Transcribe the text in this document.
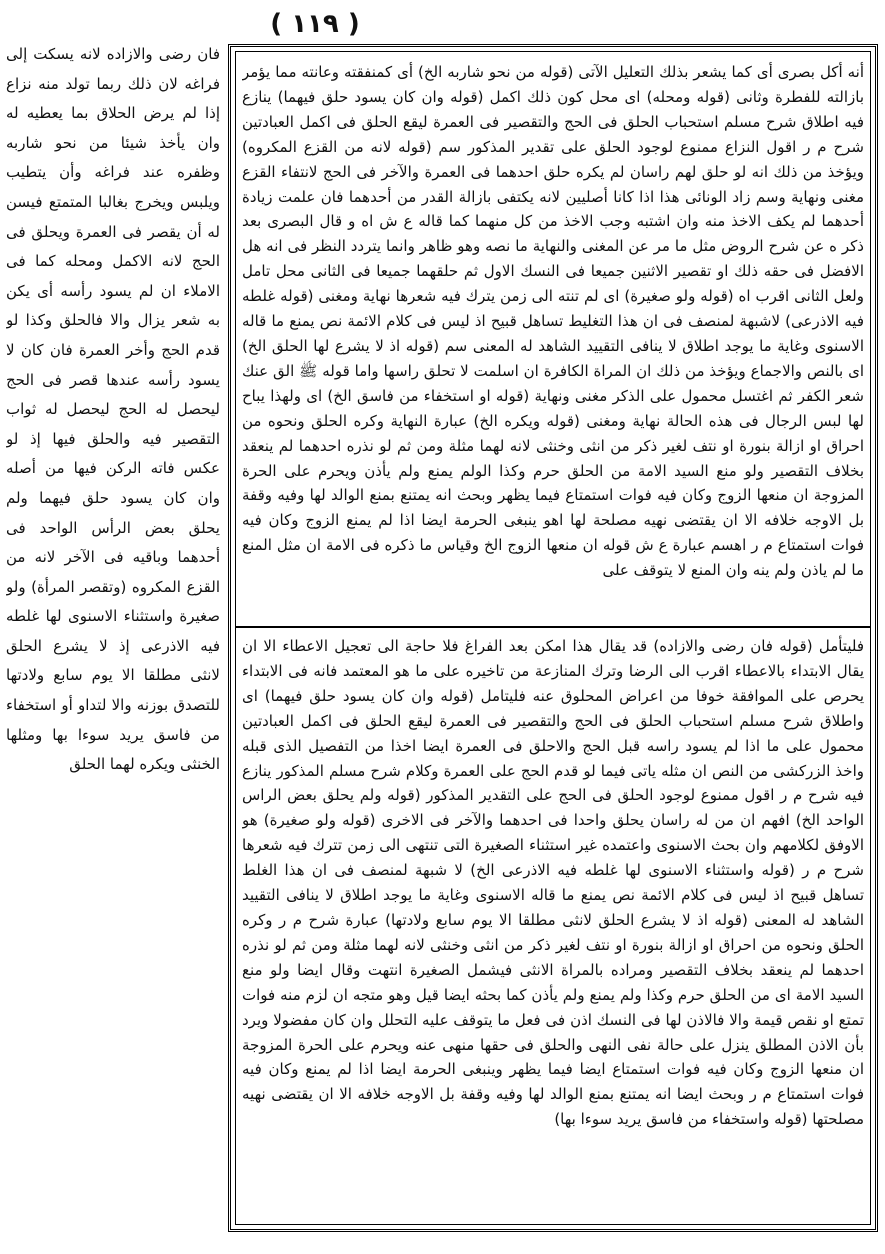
( ١١٩ )
أنه أكل بصرى أى كما يشعر بذلك التعليل الآتى (قوله من نحو شاربه الخ) أى كمنفقته وعانته مما يؤمر بازالته للفطرة وثانى (قوله ومحله) اى محل كون ذلك اكمل (قوله وان كان يسود حلق فيهما) ينازع فيه اطلاق شرح مسلم استحباب الحلق فى الحج والتقصير فى العمرة ليقع الحلق فى اكمل العبادتين شرح م ر اقول النزاع ممنوع لوجود الحلق على تقدير المذكور سم (قوله لانه من القزع المكروه) ويؤخذ من ذلك انه لو حلق لهم راسان لم يكره حلق احدهما فى العمرة والآخر فى الحج لانتفاء القزع مغنى ونهاية وسم زاد الونائى هذا اذا كانا أصليين لانه يكتفى بازالة القدر من أحدهما فان علمت زيادة أحدهما لم يكف الاخذ منه وان اشتبه وجب الاخذ من كل منهما كما قاله ع ش اه و قال البصرى بعد ذكر ه عن شرح الروض مثل ما مر عن المغنى والنهاية ما نصه وهو ظاهر وانما يتردد النظر فى انه هل الافضل فى حقه ذلك او تقصير الاثنين جميعا فى النسك الاول ثم حلقهما جميعا فى الثانى محل تامل ولعل الثانى اقرب اه (قوله ولو صغيرة) اى لم تنته الى زمن يترك فيه شعرها نهاية ومغنى (قوله غلطه فيه الاذرعى) لاشبهة لمنصف فى ان هذا التغليط تساهل قبيح اذ ليس فى كلام الائمة نص يمنع ما قاله الاسنوى وغاية ما يوجد اطلاق لا ينافى التقييد الشاهد له المعنى سم (قوله اذ لا يشرع لها الحلق الخ) اى بالنص والاجماع ويؤخذ من ذلك ان المراة الكافرة ان اسلمت لا تحلق راسها واما قوله ﷺ الق عنك شعر الكفر ثم اغتسل محمول على الذكر مغنى ونهاية (قوله او استخفاء من فاسق الخ) اى ولهذا يباح لها لبس الرجال فى هذه الحالة نهاية ومغنى (قوله ويكره الخ) عبارة النهاية وكره الحلق ونحوه من احراق او ازالة بنورة او نتف لغير ذكر من انثى وخنثى لانه لهما مثلة ومن ثم لو نذره احدهما لم ينعقد بخلاف التقصير ولو منع السيد الامة من الحلق حرم وكذا الولم يمنع ولم يأذن ويحرم على الحرة المزوجة ان منعها الزوج وكان فيه فوات استمتاع فيما يظهر وبحث انه يمتنع بمنع الوالد لها وفيه وقفة بل الاوجه خلافه الا ان يقتضى نهيه مصلحة لها اهو ينبغى الحرمة ايضا اذا لم يمنع الزوج وكان فيه فوات استمتاع م ر اهسم عبارة ع ش قوله ان منعها الزوج الخ وقياس ما ذكره فى الامة ان مثل المنع ما لم ياذن ولم ينه وان المنع لا يتوقف على
فليتأمل (قوله فان رضى والازاده) قد يقال هذا امكن بعد الفراغ فلا حاجة الى تعجيل الاعطاء الا ان يقال الابتداء بالاعطاء اقرب الى الرضا وترك المنازعة من تاخيره على ما هو المعتمد فانه فى الابتداء يحرص على الموافقة خوفا من اعراض المحلوق عنه فليتامل (قوله وان كان يسود حلق فيهما) اى واطلاق شرح مسلم استحباب الحلق فى الحج والتقصير فى العمرة ليقع الحلق فى اكمل العبادتين محمول على ما اذا لم يسود راسه قبل الحج والاحلق فى العمرة ايضا اخذا من التفصيل الذى قبله واخذ الزركشى من النص ان مثله ياتى فيما لو قدم الحج على العمرة وكلام شرح مسلم المذكور ينازع فيه شرح م ر اقول ممنوع لوجود الحلق فى الحج على التقدير المذكور (قوله ولم يحلق بعض الراس الواحد الخ) افهم ان من له راسان يحلق واحدا فى احدهما والآخر فى الاخرى (قوله ولو صغيرة) هو الاوفق لكلامهم وان بحث الاسنوى واعتمده غير استثناء الصغيرة التى تنتهى الى زمن تترك فيه شعرها شرح م ر (قوله واستثناء الاسنوى لها غلطه فيه الاذرعى الخ) لا شبهة لمنصف فى ان هذا الغلط تساهل قبيح اذ ليس فى كلام الائمة نص يمنع ما قاله الاسنوى وغاية ما يوجد اطلاق لا ينافى التقييد الشاهد له المعنى (قوله اذ لا يشرع الحلق لانثى مطلقا الا يوم سابع ولادتها) عبارة شرح م ر وكره الحلق ونحوه من احراق او ازالة بنورة او نتف لغير ذكر من انثى وخنثى لانه لهما مثلة ومن ثم لو نذره احدهما لم ينعقد بخلاف التقصير ومراده بالمراة الانثى فيشمل الصغيرة انتهت وقال ايضا ولو منع السيد الامة اى من الحلق حرم وكذا ولم يمنع ولم يأذن كما بحثه ايضا قيل وهو متجه ان لزم منه فوات تمتع او نقص قيمة والا فالاذن لها فى النسك اذن فى فعل ما يتوقف عليه التحلل وان كان مفضولا ويرد بأن الاذن المطلق ينزل على حالة نفى النهى والحلق فى حقها منهى عنه ويحرم على الحرة المزوجة ان منعها الزوج وكان فيه فوات استمتاع ايضا فيما يظهر وينبغى الحرمة ايضا اذا لم يمنع وكان فيه فوات استمتاع م ر وبحث ايضا انه يمتنع بمنع الوالد لها وفيه وقفة بل الاوجه خلافه الا ان يقتضى نهيه مصلحتها (قوله واستخفاء من فاسق يريد سوءا بها)
فان رضى والازاده لانه يسكت إلى فراغه لان ذلك ربما تولد منه نزاع إذا لم يرض الحلاق بما يعطيه له وان يأخذ شيئا من نحو شاربه وظفره عند فراغه وأن يتطيب ويلبس ويخرج بغالبا المتمتع فيسن له أن يقصر فى العمرة ويحلق فى الحج لانه الاكمل ومحله كما فى الاملاء ان لم يسود رأسه أى يكن به شعر يزال والا فالحلق وكذا لو قدم الحج وأخر العمرة فان كان لا يسود رأسه عندها قصر فى الحج ليحصل له الحج ليحصل له ثواب التقصير فيه والحلق فيها إذ لو عكس فاته الركن فيها من أصله وان كان يسود حلق فيهما ولم يحلق بعض الرأس الواحد فى أحدهما وباقيه فى الآخر لانه من القزع المكروه (وتقصر المرأة) ولو صغيرة واستثناء الاسنوى لها غلطه فيه الاذرعى إذ لا يشرع الحلق لانثى مطلقا الا يوم سابع ولادتها للتصدق بوزنه والا لتداو أو استخفاء من فاسق يريد سوءا بها ومثلها الخنثى ويكره لهما الحلق
